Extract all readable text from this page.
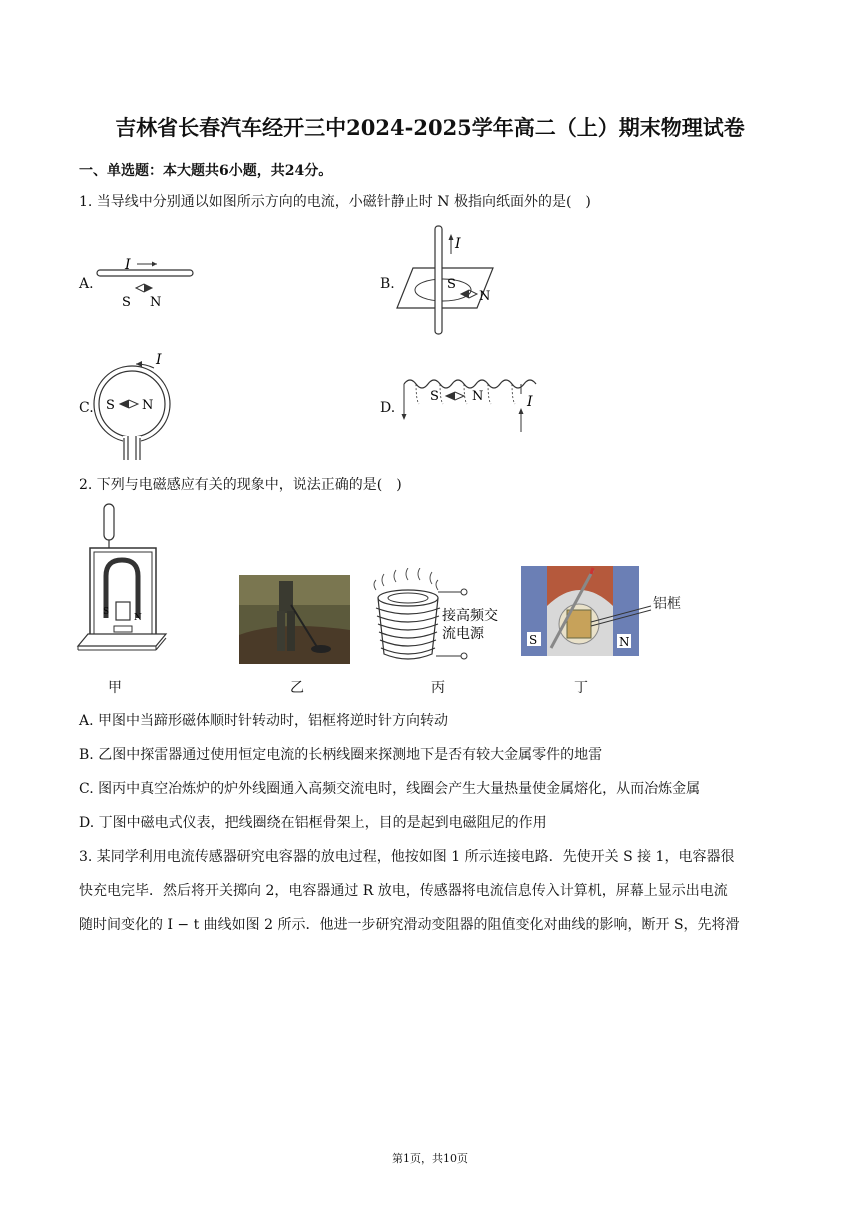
吉林省长春汽车经开三中2024-2025学年高二（上）期末物理试卷
一、单选题：本大题共6小题，共24分。
1. 当导线中分别通以如图所示方向的电流，小磁针静止时 N 极指向纸面外的是(　)
A.
I
S N
B.
I
S
N
C.
I
S N	D.	I
S	N
2. 下列与电磁感应有关的现象中，说法正确的是(　)
S
N	接高频交
流电源	S	N
铝框
甲	乙	丙	丁
A. 甲图中当蹄形磁体顺时针转动时，铝框将逆时针方向转动
B. 乙图中探雷器通过使用恒定电流的长柄线圈来探测地下是否有较大金属零件的地雷
C. 图丙中真空冶炼炉的炉外线圈通入高频交流电时，线圈会产生大量热量使金属熔化，从而冶炼金属
D. 丁图中磁电式仪表，把线圈绕在铝框骨架上，目的是起到电磁阻尼的作用
3. 某同学利用电流传感器研究电容器的放电过程，他按如图 1 所示连接电路．先使开关 S 接 1，电容器很
快充电完毕．然后将开关掷向 2，电容器通过 R 放电，传感器将电流信息传入计算机，屏幕上显示出电流
随时间变化的 I − t 曲线如图 2 所示．他进一步研究滑动变阻器的阻值变化对曲线的影响，断开 S，先将滑
第1页，共10页
